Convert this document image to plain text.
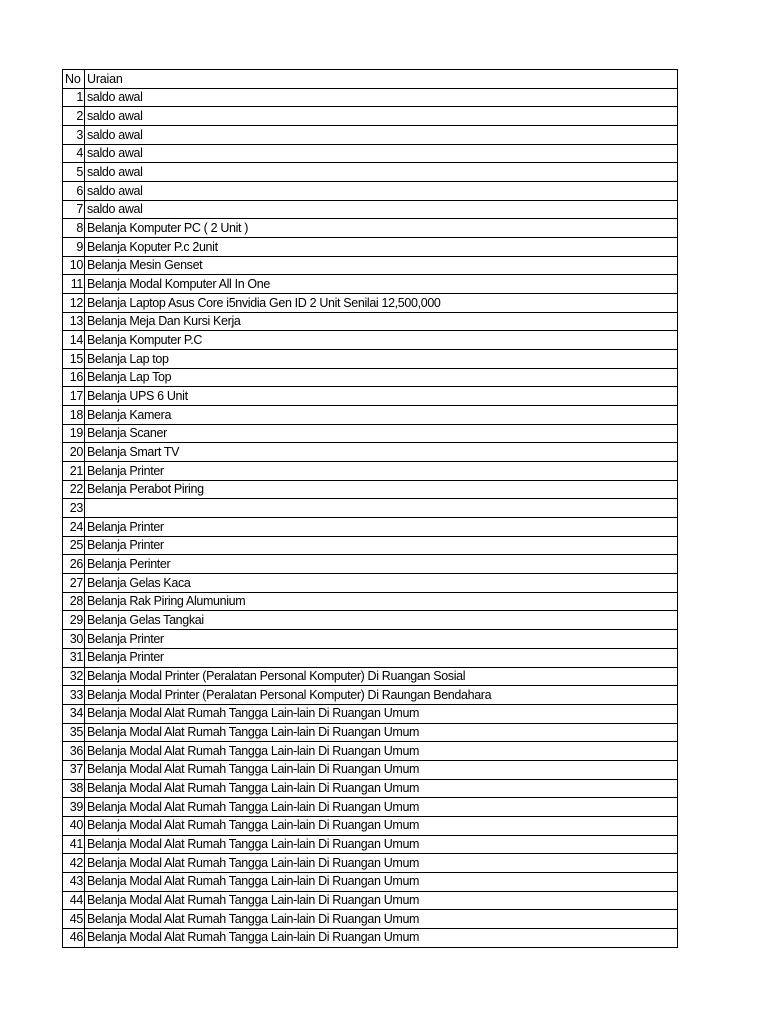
No	Uraian
1	saldo awal
2	saldo awal
3	saldo awal
4	saldo awal
5	saldo awal
6	saldo awal
7	saldo awal
8	Belanja Komputer PC ( 2 Unit )
9	Belanja Koputer P.c 2unit
10	Belanja Mesin Genset
11	Belanja Modal Komputer All In One
12	Belanja Laptop Asus Core i5nvidia Gen ID 2 Unit Senilai 12,500,000
13	Belanja Meja Dan Kursi Kerja
14	Belanja Komputer P.C
15	Belanja Lap top
16	Belanja Lap Top
17	Belanja UPS 6 Unit
18	Belanja Kamera
19	Belanja Scaner
20	Belanja Smart TV
21	Belanja Printer
22	Belanja Perabot Piring
23	
24	Belanja Printer
25	Belanja Printer
26	Belanja Perinter
27	Belanja Gelas Kaca
28	Belanja Rak Piring Alumunium
29	Belanja Gelas Tangkai
30	Belanja Printer
31	Belanja Printer
32	Belanja Modal Printer (Peralatan Personal Komputer) Di Ruangan Sosial
33	Belanja Modal Printer (Peralatan Personal Komputer) Di Raungan Bendahara
34	Belanja Modal Alat Rumah Tangga Lain-lain Di Ruangan Umum
35	Belanja Modal Alat Rumah Tangga Lain-lain Di Ruangan Umum
36	Belanja Modal Alat Rumah Tangga Lain-lain Di Ruangan Umum
37	Belanja Modal Alat Rumah Tangga Lain-lain Di Ruangan Umum
38	Belanja Modal Alat Rumah Tangga Lain-lain Di Ruangan Umum
39	Belanja Modal Alat Rumah Tangga Lain-lain Di Ruangan Umum
40	Belanja Modal Alat Rumah Tangga Lain-lain Di Ruangan Umum
41	Belanja Modal Alat Rumah Tangga Lain-lain Di Ruangan Umum
42	Belanja Modal Alat Rumah Tangga Lain-lain Di Ruangan Umum
43	Belanja Modal Alat Rumah Tangga Lain-lain Di Ruangan Umum
44	Belanja Modal Alat Rumah Tangga Lain-lain Di Ruangan Umum
45	Belanja Modal Alat Rumah Tangga Lain-lain Di Ruangan Umum
46	Belanja Modal Alat Rumah Tangga Lain-lain Di Ruangan Umum
